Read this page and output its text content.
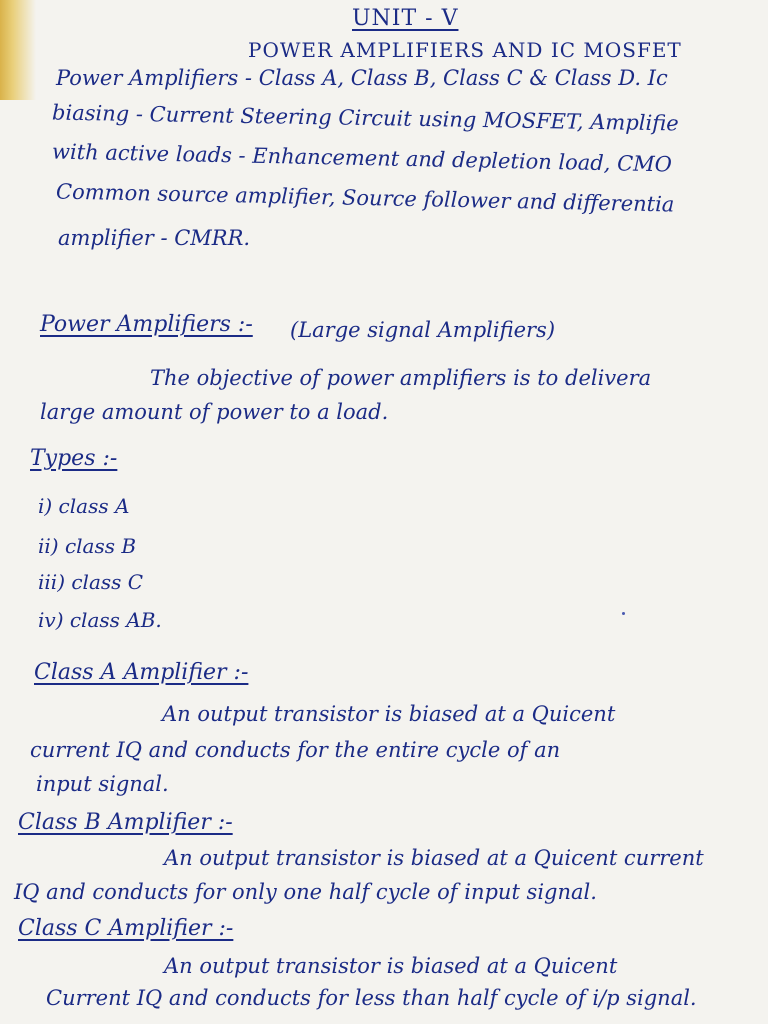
UNIT - V
POWER AMPLIFIERS AND IC MOSFET
Power Amplifiers - Class A, Class B, Class C & Class D. Ic
biasing - Current Steering Circuit using MOSFET, Amplifie
with active loads - Enhancement and depletion load, CMO
Common source amplifier, Source follower and differentia
amplifier - CMRR.
Power Amplifiers :- (Large signal Amplifiers)
The objective of power amplifiers is to delivera
large amount of power to a load.
Types :-
i) class A
ii) class B
iii) class C
iv) class AB.
Class A Amplifier :-
An output transistor is biased at a Quicent
current IQ and conducts for the entire cycle of an
input signal.
Class B Amplifier :-
An output transistor is biased at a Quicent current
IQ and conducts for only one half cycle of input signal.
Class C Amplifier :-
An output transistor is biased at a Quicent
Current IQ and conducts for less than half cycle of i/p signal.
